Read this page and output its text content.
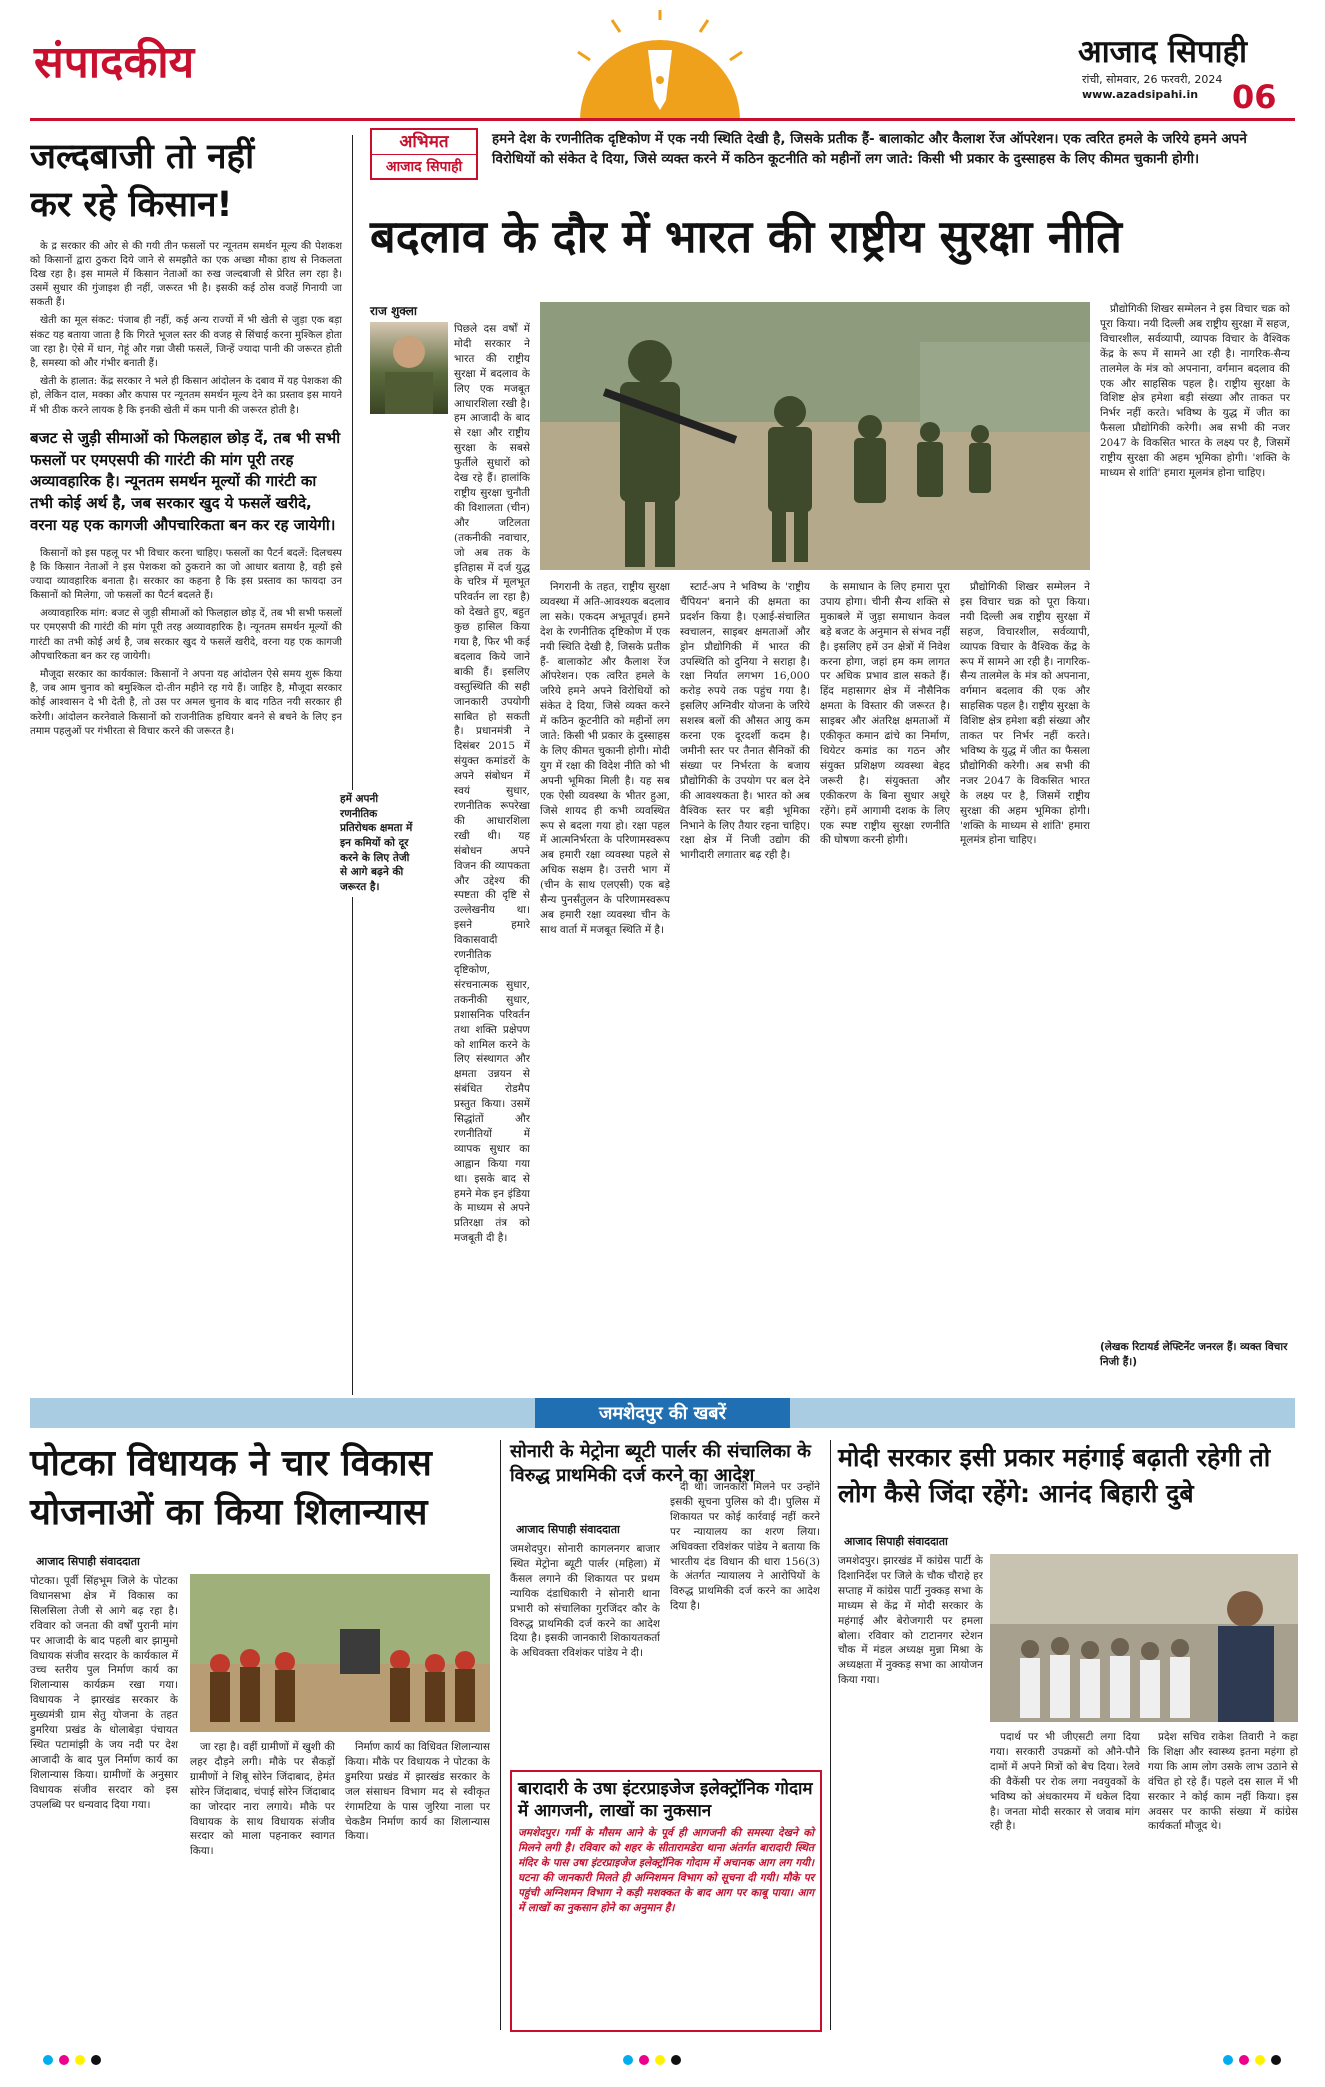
संपादकीय	आजाद सिपाही
रांची, सोमवार, 26 फरवरी, 2024
www.azadsipahi.in 06
जल्दबाजी तो नहीं
कर रहे किसान!

के द्र सरकार की ओर से की गयी तीन फसलों पर न्यूनतम समर्थन मूल्य की पेशकश को किसानों द्वारा ठुकरा दिये जाने से समझौते का एक अच्छा मौका हाथ से निकलता दिख रहा है। इस मामले में किसान नेताओं का रुख जल्दबाजी से प्रेरित लग रहा है। उसमें सुधार की गुंजाइश ही नहीं, जरूरत भी है। इसकी कई ठोस वजहें गिनायी जा सकती हैं।

खेती का मूल संकट: पंजाब ही नहीं, कई अन्य राज्यों में भी खेती से जुड़ा एक बड़ा संकट यह बताया जाता है कि गिरते भूजल स्तर की वजह से सिंचाई करना मुश्किल होता जा रहा है। ऐसे में धान, गेहूं और गन्ना जैसी फसलें, जिन्हें ज्यादा पानी की जरूरत होती है, समस्या को और गंभीर बनाती हैं।

खेती के हालात: केंद्र सरकार ने भले ही किसान आंदोलन के दबाव में यह पेशकश की हो, लेकिन दाल, मक्का और कपास पर न्यूनतम समर्थन मूल्य देने का प्रस्ताव इस मायने में भी ठीक करने लायक है कि इनकी खेती में कम पानी की जरूरत होती है।

बजट से जुड़ी सीमाओं को फिलहाल छोड़ दें, तब भी सभी फसलों पर एमएसपी की गारंटी की मांग पूरी तरह अव्यावहारिक है। न्यूनतम समर्थन मूल्यों की गारंटी का तभी कोई अर्थ है, जब सरकार खुद ये फसलें खरीदे, वरना यह एक कागजी औपचारिकता बन कर रह जायेगी।

किसानों को इस पहलू पर भी विचार करना चाहिए। फसलों का पैटर्न बदलें: दिलचस्प है कि किसान नेताओं ने इस पेशकश को ठुकराने का जो आधार बताया है, वही इसे ज्यादा व्यावहारिक बनाता है। सरकार का कहना है कि इस प्रस्ताव का फायदा उन किसानों को मिलेगा, जो फसलों का पैटर्न बदलते हैं।

अव्यावहारिक मांग: बजट से जुड़ी सीमाओं को फिलहाल छोड़ दें, तब भी सभी फसलों पर एमएसपी की गारंटी की मांग पूरी तरह अव्यावहारिक है। न्यूनतम समर्थन मूल्यों की गारंटी का तभी कोई अर्थ है, जब सरकार खुद ये फसलें खरीदे, वरना यह एक कागजी औपचारिकता बन कर रह जायेगी।

मौजूदा सरकार का कार्यकाल: किसानों ने अपना यह आंदोलन ऐसे समय शुरू किया है, जब आम चुनाव को बमुश्किल दो-तीन महीने रह गये हैं। जाहिर है, मौजूदा सरकार कोई आश्वासन दे भी देती है, तो उस पर अमल चुनाव के बाद गठित नयी सरकार ही करेगी। आंदोलन करनेवाले किसानों को राजनीतिक हथियार बनने से बचने के लिए इन तमाम पहलुओं पर गंभीरता से विचार करने की जरूरत है।

अभिमत
आजाद सिपाही
हमने देश के रणनीतिक दृष्टिकोण में एक नयी स्थिति देखी है, जिसके प्रतीक हैं- बालाकोट और कैलाश रेंज ऑपरेशन। एक त्वरित हमले के जरिये हमने अपने विरोधियों को संकेत दे दिया, जिसे व्यक्त करने में कठिन कूटनीति को महीनों लग जाते: किसी भी प्रकार के दुस्साहस के लिए कीमत चुकानी होगी।
बदलाव के दौर में भारत की राष्ट्रीय सुरक्षा नीति
राज शुक्ला

पिछले दस वर्षों में मोदी सरकार ने भारत की राष्ट्रीय सुरक्षा में बदलाव के लिए एक मजबूत आधारशिला रखी है। हम आजादी के बाद से रक्षा और राष्ट्रीय सुरक्षा के सबसे फुर्तीले सुधारों को देख रहे हैं। हालांकि राष्ट्रीय सुरक्षा चुनौती की विशालता (चीन) और जटिलता (तकनीकी नवाचार, जो अब तक के इतिहास में दर्ज युद्ध के चरित्र में मूलभूत परिवर्तन ला रहा है) को देखते हुए, बहुत कुछ हासिल किया गया है, फिर भी कई बदलाव किये जाने बाकी हैं। इसलिए वस्तुस्थिति की सही जानकारी उपयोगी साबित हो सकती है। प्रधानमंत्री ने दिसंबर 2015 में संयुक्त कमांडरों के अपने संबोधन में स्वयं सुधार, रणनीतिक रूपरेखा की आधारशिला रखी थी। यह संबोधन अपने विजन की व्यापकता और उद्देश्य की स्पष्टता की दृष्टि से उल्लेखनीय था। इसने हमारे विकासवादी रणनीतिक दृष्टिकोण, संरचनात्मक सुधार, तकनीकी सुधार, प्रशासनिक परिवर्तन तथा शक्ति प्रक्षेपण को शामिल करने के लिए संस्थागत और क्षमता उन्नयन से संबंधित रोडमैप प्रस्तुत किया। उसमें सिद्धांतों और रणनीतियों में व्यापक सुधार का आह्वान किया गया था। इसके बाद से हमने मेक इन इंडिया के माध्यम से अपने प्रतिरक्षा तंत्र को मजबूती दी है।

हमें अपनी रणनीतिक प्रतिरोधक क्षमता में इन कमियों को दूर करने के लिए तेजी से आगे बढ़ने की जरूरत है।

निगरानी के तहत, राष्ट्रीय सुरक्षा व्यवस्था में अति-आवश्यक बदलाव ला सके। एकदम अभूतपूर्व। हमने देश के रणनीतिक दृष्टिकोण में एक नयी स्थिति देखी है, जिसके प्रतीक हैं- बालाकोट और कैलाश रेंज ऑपरेशन। एक त्वरित हमले के जरिये हमने अपने विरोधियों को संकेत दे दिया, जिसे व्यक्त करने में कठिन कूटनीति को महीनों लग जाते: किसी भी प्रकार के दुस्साहस के लिए कीमत चुकानी होगी। मोदी युग में रक्षा की विदेश नीति को भी अपनी भूमिका मिली है। यह सब एक ऐसी व्यवस्था के भीतर हुआ, जिसे शायद ही कभी व्यवस्थित रूप से बदला गया हो। रक्षा पहल में आत्मनिर्भरता के परिणामस्वरूप अब हमारी रक्षा व्यवस्था पहले से अधिक सक्षम है। उत्तरी भाग में (चीन के साथ एलएसी) एक बड़े सैन्य पुनर्संतुलन के परिणामस्वरूप अब हमारी रक्षा व्यवस्था चीन के साथ वार्ता में मजबूत स्थिति में है।

स्टार्ट-अप ने भविष्य के 'राष्ट्रीय चैंपियन' बनाने की क्षमता का प्रदर्शन किया है। एआई-संचालित स्वचालन, साइबर क्षमताओं और ड्रोन प्रौद्योगिकी में भारत की उपस्थिति को दुनिया ने सराहा है। रक्षा निर्यात लगभग 16,000 करोड़ रुपये तक पहुंच गया है। इसलिए अग्निवीर योजना के जरिये सशस्त्र बलों की औसत आयु कम करना एक दूरदर्शी कदम है। जमीनी स्तर पर तैनात सैनिकों की संख्या पर निर्भरता के बजाय प्रौद्योगिकी के उपयोग पर बल देने की आवश्यकता है। भारत को अब वैश्विक स्तर पर बड़ी भूमिका निभाने के लिए तैयार रहना चाहिए। रक्षा क्षेत्र में निजी उद्योग की भागीदारी लगातार बढ़ रही है।

के समाधान के लिए हमारा पूरा उपाय होगा। चीनी सैन्य शक्ति से मुकाबले में जुड़ा समाधान केवल बड़े बजट के अनुमान से संभव नहीं है। इसलिए हमें उन क्षेत्रों में निवेश करना होगा, जहां हम कम लागत पर अधिक प्रभाव डाल सकते हैं। हिंद महासागर क्षेत्र में नौसैनिक क्षमता के विस्तार की जरूरत है। साइबर और अंतरिक्ष क्षमताओं में एकीकृत कमान ढांचे का निर्माण, थियेटर कमांड का गठन और संयुक्त प्रशिक्षण व्यवस्था बेहद जरूरी है। संयुक्तता और एकीकरण के बिना सुधार अधूरे रहेंगे। हमें आगामी दशक के लिए एक स्पष्ट राष्ट्रीय सुरक्षा रणनीति की घोषणा करनी होगी।

प्रौद्योगिकी शिखर सम्मेलन ने इस विचार चक्र को पूरा किया। नयी दिल्ली अब राष्ट्रीय सुरक्षा में सहज, विचारशील, सर्वव्यापी, व्यापक विचार के वैश्विक केंद्र के रूप में सामने आ रही है। नागरिक-सैन्य तालमेल के मंत्र को अपनाना, वर्गमान बदलाव की एक और साहसिक पहल है। राष्ट्रीय सुरक्षा के विशिष्ट क्षेत्र हमेशा बड़ी संख्या और ताकत पर निर्भर नहीं करते। भविष्य के युद्ध में जीत का फैसला प्रौद्योगिकी करेगी। अब सभी की नजर 2047 के विकसित भारत के लक्ष्य पर है, जिसमें राष्ट्रीय सुरक्षा की अहम भूमिका होगी। 'शक्ति के माध्यम से शांति' हमारा मूलमंत्र होना चाहिए।

प्रौद्योगिकी शिखर सम्मेलन ने इस विचार चक्र को पूरा किया। नयी दिल्ली अब राष्ट्रीय सुरक्षा में सहज, विचारशील, सर्वव्यापी, व्यापक विचार के वैश्विक केंद्र के रूप में सामने आ रही है। नागरिक-सैन्य तालमेल के मंत्र को अपनाना, वर्गमान बदलाव की एक और साहसिक पहल है। राष्ट्रीय सुरक्षा के विशिष्ट क्षेत्र हमेशा बड़ी संख्या और ताकत पर निर्भर नहीं करते। भविष्य के युद्ध में जीत का फैसला प्रौद्योगिकी करेगी। अब सभी की नजर 2047 के विकसित भारत के लक्ष्य पर है, जिसमें राष्ट्रीय सुरक्षा की अहम भूमिका होगी। 'शक्ति के माध्यम से शांति' हमारा मूलमंत्र होना चाहिए।

(लेखक रिटायर्ड लेफ्टिनेंट जनरल हैं। व्यक्त विचार निजी हैं।)
जमशेदपुर की खबरें
पोटका विधायक ने चार विकास योजनाओं का किया शिलान्यास
आजाद सिपाही संवाददाता

पोटका। पूर्वी सिंहभूम जिले के पोटका विधानसभा क्षेत्र में विकास का सिलसिला तेजी से आगे बढ़ रहा है। रविवार को जनता की वर्षों पुरानी मांग पर आजादी के बाद पहली बार झामुमो विधायक संजीव सरदार के कार्यकाल में उच्च स्तरीय पुल निर्माण कार्य का शिलान्यास कार्यक्रम रखा गया। विधायक ने झारखंड सरकार के मुख्यमंत्री ग्राम सेतु योजना के तहत डुमरिया प्रखंड के धोलाबेड़ा पंचायत स्थित पटामांझी के जय नदी पर देश आजादी के बाद पुल निर्माण कार्य का शिलान्यास किया। ग्रामीणों के अनुसार विधायक संजीव सरदार को इस उपलब्धि पर धन्यवाद दिया गया।

जा रहा है। वहीं ग्रामीणों में खुशी की लहर दौड़ने लगी। मौके पर सैकड़ों ग्रामीणों ने शिबू सोरेन जिंदाबाद, हेमंत सोरेन जिंदाबाद, चंपाई सोरेन जिंदाबाद का जोरदार नारा लगाये। मौके पर विधायक के साथ विधायक संजीव सरदार को माला पहनाकर स्वागत किया।

निर्माण कार्य का विधिवत शिलान्यास किया। मौके पर विधायक ने पोटका के डुमरिया प्रखंड में झारखंड सरकार के जल संसाधन विभाग मद से स्वीकृत रंगामटिया के पास जुरिया नाला पर चेकडैम निर्माण कार्य का शिलान्यास किया।

सोनारी के मेट्रोना ब्यूटी पार्लर की संचालिका के विरुद्ध प्राथमिकी दर्ज करने का आदेश
आजाद सिपाही संवाददाता

जमशेदपुर। सोनारी कागलनगर बाजार स्थित मेट्रोना ब्यूटी पार्लर (महिला) में कैंसल लगाने की शिकायत पर प्रथम न्यायिक दंडाधिकारी ने सोनारी थाना प्रभारी को संचालिका गुरजिंदर कौर के विरुद्ध प्राथमिकी दर्ज करने का आदेश दिया है। इसकी जानकारी शिकायतकर्ता के अधिवक्ता रविशंकर पांडेय ने दी।

दी थी। जानकारी मिलने पर उन्होंने इसकी सूचना पुलिस को दी। पुलिस में शिकायत पर कोई कार्रवाई नहीं करने पर न्यायालय का शरण लिया। अधिवक्ता रविशंकर पांडेय ने बताया कि भारतीय दंड विधान की धारा 156(3) के अंतर्गत न्यायालय ने आरोपियों के विरुद्ध प्राथमिकी दर्ज करने का आदेश दिया है।

बारादारी के उषा इंटरप्राइजेज इलेक्ट्रॉनिक गोदाम में आगजनी, लाखों का नुकसान
जमशेदपुर। गर्मी के मौसम आने के पूर्व ही आगजनी की समस्या देखने को मिलने लगी है। रविवार को शहर के सीतारामडेरा थाना अंतर्गत बारादारी स्थित मंदिर के पास उषा इंटरप्राइजेज इलेक्ट्रॉनिक गोदाम में अचानक आग लग गयी। घटना की जानकारी मिलते ही अग्निशमन विभाग को सूचना दी गयी। मौके पर पहुंची अग्निशमन विभाग ने कड़ी मशक्कत के बाद आग पर काबू पाया। आग में लाखों का नुकसान होने का अनुमान है।
मोदी सरकार इसी प्रकार महंगाई बढ़ाती रहेगी तो लोग कैसे जिंदा रहेंगे: आनंद बिहारी दुबे
आजाद सिपाही संवाददाता

जमशेदपुर। झारखंड में कांग्रेस पार्टी के दिशानिर्देश पर जिले के चौक चौराहे हर सप्ताह में कांग्रेस पार्टी नुक्कड़ सभा के माध्यम से केंद्र में मोदी सरकार के महंगाई और बेरोजगारी पर हमला बोला। रविवार को टाटानगर स्टेशन चौक में मंडल अध्यक्ष मुन्ना मिश्रा के अध्यक्षता में नुक्कड़ सभा का आयोजन किया गया।

पदार्थ पर भी जीएसटी लगा दिया गया। सरकारी उपक्रमों को औने-पौने दामों में अपने मित्रों को बेच दिया। रेलवे की वैकेंसी पर रोक लगा नवयुवकों के भविष्य को अंधकारमय में धकेल दिया है। जनता मोदी सरकार से जवाब मांग रही है।

प्रदेश सचिव राकेश तिवारी ने कहा कि शिक्षा और स्वास्थ्य इतना महंगा हो गया कि आम लोग उसके लाभ उठाने से वंचित हो रहे हैं। पहले दस साल में भी सरकार ने कोई काम नहीं किया। इस अवसर पर काफी संख्या में कांग्रेस कार्यकर्ता मौजूद थे।
